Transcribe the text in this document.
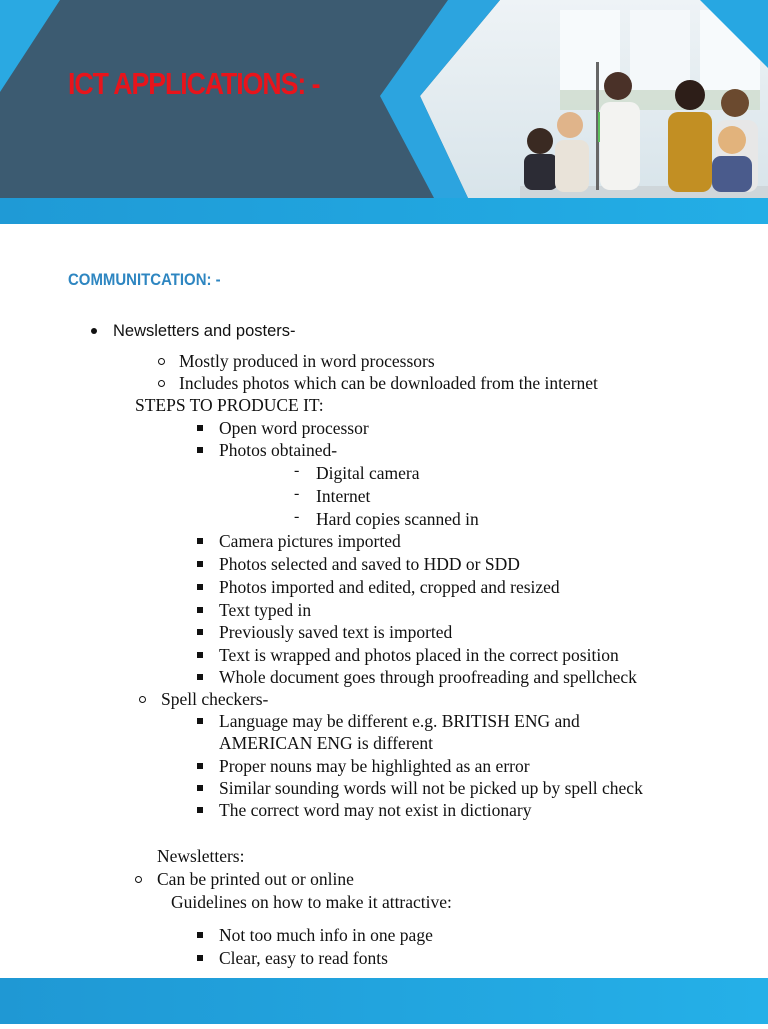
ICT APPLICATIONS: -
COMMUNITCATION: -
Newsletters and posters-
Mostly produced in word processors
Includes photos which can be downloaded from the internet
STEPS TO PRODUCE IT:
Open word processor
Photos obtained-
- Digital camera
- Internet
- Hard copies scanned in
Camera pictures imported
Photos selected and saved to HDD or SDD
Photos imported and edited, cropped and resized
Text typed in
Previously saved text is imported
Text is wrapped and photos placed in the correct position
Whole document goes through proofreading and spellcheck
Spell checkers-
Language may be different e.g. BRITISH ENG and
AMERICAN ENG is different
Proper nouns may be highlighted as an error
Similar sounding words will not be picked up by spell check
The correct word may not exist in dictionary
Newsletters:
Can be printed out or online
Guidelines on how to make it attractive:
Not too much info in one page
Clear, easy to read fonts
